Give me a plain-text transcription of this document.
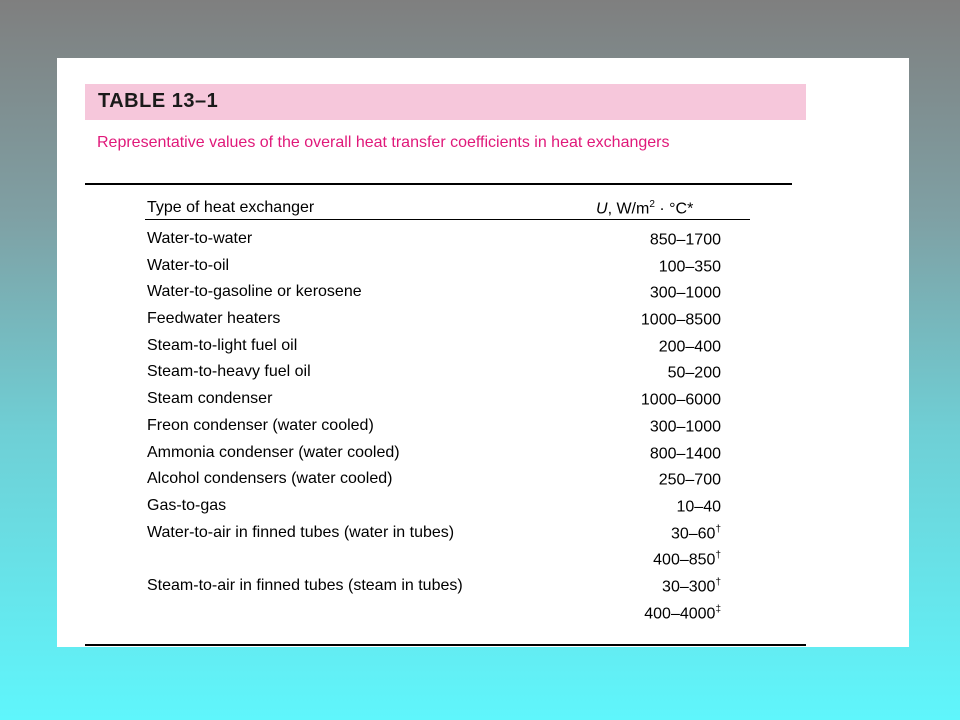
TABLE 13–1
Representative values of the overall heat transfer coefficients in heat exchangers
Type of heat exchanger	U, $W/m^2 \cdot ^\circ C*$
Water-to-water	850–1700
Water-to-oil	100–350
Water-to-gasoline or kerosene	300–1000
Feedwater heaters	1000–8500
Steam-to-light fuel oil	200–400
Steam-to-heavy fuel oil	50–200
Steam condenser	1000–6000
Freon condenser (water cooled)	300–1000
Ammonia condenser (water cooled)	800–1400
Alcohol condensers (water cooled)	250–700
Gas-to-gas	10–40
Water-to-air in finned tubes (water in tubes)	30–60†
400–850†
Steam-to-air in finned tubes (steam in tubes)	30–300†
400–4000‡
